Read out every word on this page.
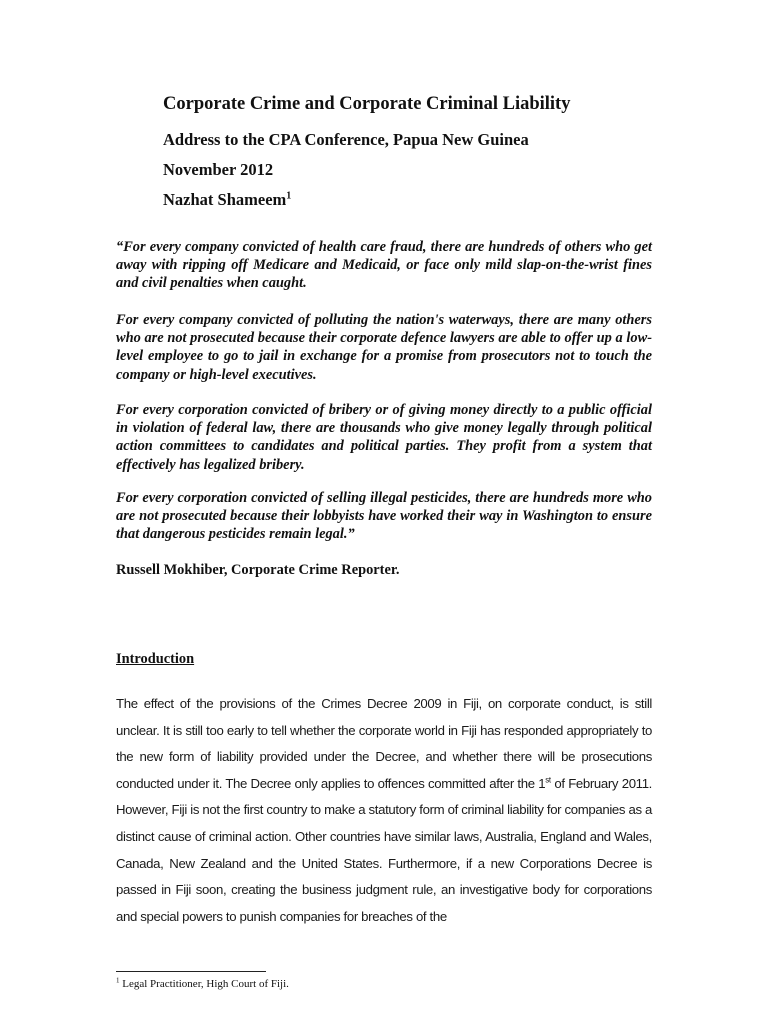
Corporate Crime and Corporate Criminal Liability
Address to the CPA Conference, Papua New Guinea
November 2012
Nazhat Shameem$^1$

“For every company convicted of health care fraud, there are hundreds of others who get away with ripping off Medicare and Medicaid, or face only mild slap-on-the-wrist fines and civil penalties when caught.

For every company convicted of polluting the nation's waterways, there are many others who are not prosecuted because their corporate defence lawyers are able to offer up a low-level employee to go to jail in exchange for a promise from prosecutors not to touch the company or high-level executives.

For every corporation convicted of bribery or of giving money directly to a public official in violation of federal law, there are thousands who give money legally through political action committees to candidates and political parties. They profit from a system that effectively has legalized bribery.

For every corporation convicted of selling illegal pesticides, there are hundreds more who are not prosecuted because their lobbyists have worked their way in Washington to ensure that dangerous pesticides remain legal.”

Russell Mokhiber, Corporate Crime Reporter.

Introduction

The effect of the provisions of the Crimes Decree 2009 in Fiji, on corporate conduct, is still unclear. It is still too early to tell whether the corporate world in Fiji has responded appropriately to the new form of liability provided under the Decree, and whether there will be prosecutions conducted under it. The Decree only applies to offences committed after the 1st of February 2011. However, Fiji is not the first country to make a statutory form of criminal liability for companies as a distinct cause of criminal action. Other countries have similar laws, Australia, England and Wales, Canada, New Zealand and the United States. Furthermore, if a new Corporations Decree is passed in Fiji soon, creating the business judgment rule, an investigative body for corporations and special powers to punish companies for breaches of the

$^1$ Legal Practitioner, High Court of Fiji.
